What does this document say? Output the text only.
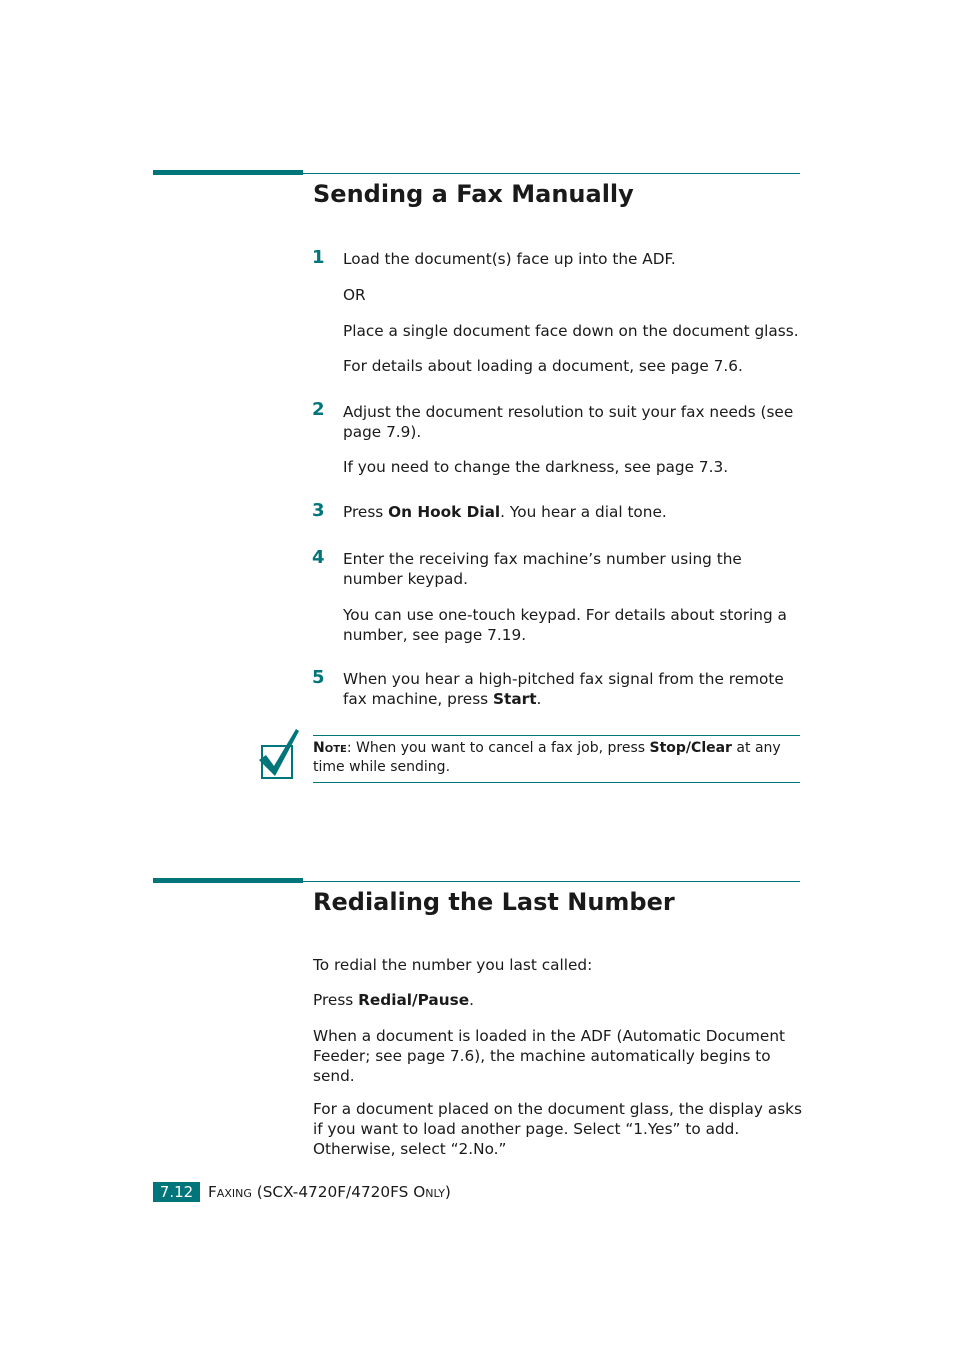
Sending a Fax Manually
1 Load the document(s) face up into the ADF.

OR

Place a single document face down on the document glass.

For details about loading a document, see page 7.6.

2 Adjust the document resolution to suit your fax needs (see page 7.9).

If you need to change the darkness, see page 7.3.

3 Press On Hook Dial. You hear a dial tone.

4 Enter the receiving fax machine’s number using the number keypad.

You can use one-touch keypad. For details about storing a number, see page 7.19.

5 When you hear a high-pitched fax signal from the remote fax machine, press Start.

Note: When you want to cancel a fax job, press Stop/Clear at any time while sending.
Redialing the Last Number

To redial the number you last called:

Press Redial/Pause.

When a document is loaded in the ADF (Automatic Document Feeder; see page 7.6), the machine automatically begins to send.

For a document placed on the document glass, the display asks if you want to load another page. Select “1.Yes” to add. Otherwise, select “2.No.”

7.12 Faxing (SCX-4720F/4720FS Only)
